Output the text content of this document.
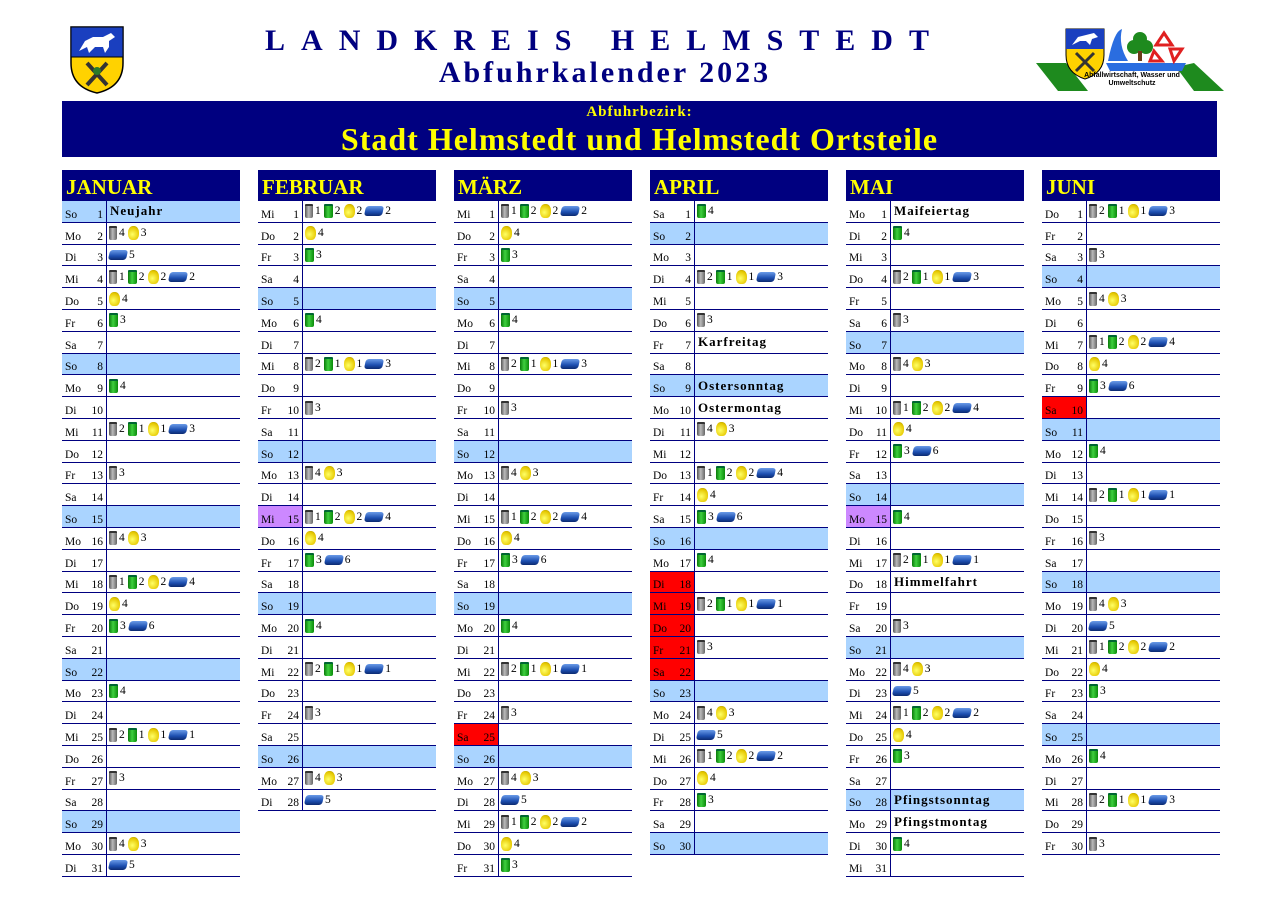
Abfallwirtschaft, Wasser und Umweltschutz
LANDKREIS HELMSTEDT
Abfuhrkalender 2023
Abfuhrbezirk:
Stadt Helmstedt und Helmstedt Ortsteile
JANUAR
So 1 Neujahr
Mo 2 4 3
Di 3 5
Mi 4 1 2 2 2
Do 5 4
Fr 6 3
Sa 7
So 8
Mo 9 4
Di 10
Mi 11 2 1 1 3
Do 12
Fr 13 3
Sa 14
So 15
Mo 16 4 3
Di 17
Mi 18 1 2 2 4
Do 19 4
Fr 20 3 6
Sa 21
So 22
Mo 23 4
Di 24
Mi 25 2 1 1 1
Do 26
Fr 27 3
Sa 28
So 29
Mo 30 4 3
Di 31 5
FEBRUAR
Mi 1 1 2 2 2
Do 2 4
Fr 3 3
Sa 4
So 5
Mo 6 4
Di 7
Mi 8 2 1 1 3
Do 9
Fr 10 3
Sa 11
So 12
Mo 13 4 3
Di 14
Mi 15 1 2 2 4
Do 16 4
Fr 17 3 6
Sa 18
So 19
Mo 20 4
Di 21
Mi 22 2 1 1 1
Do 23
Fr 24 3
Sa 25
So 26
Mo 27 4 3
Di 28 5
MÄRZ
Mi 1 1 2 2 2
Do 2 4
Fr 3 3
Sa 4
So 5
Mo 6 4
Di 7
Mi 8 2 1 1 3
Do 9
Fr 10 3
Sa 11
So 12
Mo 13 4 3
Di 14
Mi 15 1 2 2 4
Do 16 4
Fr 17 3 6
Sa 18
So 19
Mo 20 4
Di 21
Mi 22 2 1 1 1
Do 23
Fr 24 3
Sa 25
So 26
Mo 27 4 3
Di 28 5
Mi 29 1 2 2 2
Do 30 4
Fr 31 3
APRIL
Sa 1 4
So 2
Mo 3
Di 4 2 1 1 3
Mi 5
Do 6 3
Fr 7 Karfreitag
Sa 8
So 9 Ostersonntag
Mo 10 Ostermontag
Di 11 4 3
Mi 12
Do 13 1 2 2 4
Fr 14 4
Sa 15 3 6
So 16
Mo 17 4
Di 18
Mi 19 2 1 1 1
Do 20
Fr 21 3
Sa 22
So 23
Mo 24 4 3
Di 25 5
Mi 26 1 2 2 2
Do 27 4
Fr 28 3
Sa 29
So 30
MAI
Mo 1 Maifeiertag
Di 2 4
Mi 3
Do 4 2 1 1 3
Fr 5
Sa 6 3
So 7
Mo 8 4 3
Di 9
Mi 10 1 2 2 4
Do 11 4
Fr 12 3 6
Sa 13
So 14
Mo 15 4
Di 16
Mi 17 2 1 1 1
Do 18 Himmelfahrt
Fr 19
Sa 20 3
So 21
Mo 22 4 3
Di 23 5
Mi 24 1 2 2 2
Do 25 4
Fr 26 3
Sa 27
So 28 Pfingstsonntag
Mo 29 Pfingstmontag
Di 30 4
Mi 31
JUNI
Do 1 2 1 1 3
Fr 2
Sa 3 3
So 4
Mo 5 4 3
Di 6
Mi 7 1 2 2 4
Do 8 4
Fr 9 3 6
Sa 10
So 11
Mo 12 4
Di 13
Mi 14 2 1 1 1
Do 15
Fr 16 3
Sa 17
So 18
Mo 19 4 3
Di 20 5
Mi 21 1 2 2 2
Do 22 4
Fr 23 3
Sa 24
So 25
Mo 26 4
Di 27
Mi 28 2 1 1 3
Do 29
Fr 30 3
